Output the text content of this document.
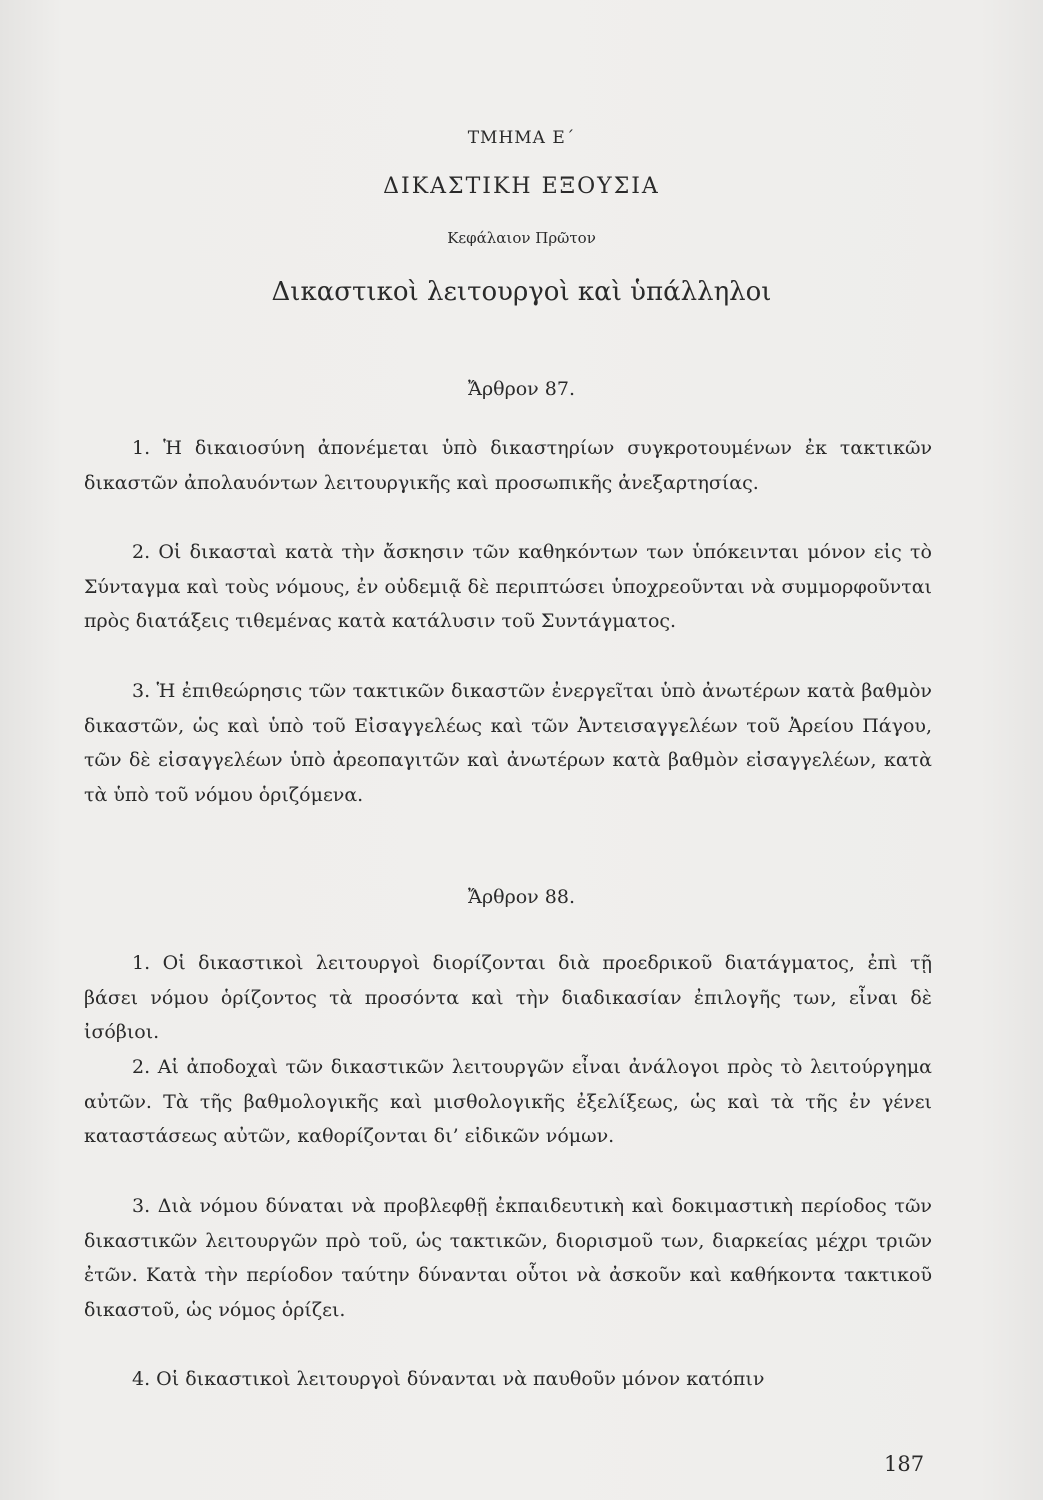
ΤΜΗΜΑ Ε΄
ΔΙΚΑΣΤΙΚΗ ΕΞΟΥΣΙΑ
Κεφάλαιον Πρῶτον
Δικαστικοὶ λειτουργοὶ καὶ ὑπάλληλοι
Ἄρθρον 87.

1. Ἡ δικαιοσύνη ἀπονέμεται ὑπὸ δικαστηρίων συγκροτουμένων ἐκ τακτικῶν δικαστῶν ἀπολαυόντων λειτουργικῆς καὶ προσωπικῆς ἀνεξαρτησίας.

2. Οἱ δικασταὶ κατὰ τὴν ἄσκησιν τῶν καθηκόντων των ὑπόκεινται μόνον εἰς τὸ Σύνταγμα καὶ τοὺς νόμους, ἐν οὐδεμιᾷ δὲ περιπτώσει ὑποχρεοῦνται νὰ συμμορφοῦνται πρὸς διατάξεις τιθεμένας κατὰ κατάλυσιν τοῦ Συντάγματος.

3. Ἡ ἐπιθεώρησις τῶν τακτικῶν δικαστῶν ἐνεργεῖται ὑπὸ ἀνωτέρων κατὰ βαθμὸν δικαστῶν, ὡς καὶ ὑπὸ τοῦ Εἰσαγγελέως καὶ τῶν Ἀντεισαγγελέων τοῦ Ἀρείου Πάγου, τῶν δὲ εἰσαγγελέων ὑπὸ ἀρεοπαγιτῶν καὶ ἀνωτέρων κατὰ βαθμὸν εἰσαγγελέων, κατὰ τὰ ὑπὸ τοῦ νόμου ὁριζόμενα.

Ἄρθρον 88.

1. Οἱ δικαστικοὶ λειτουργοὶ διορίζονται διὰ προεδρικοῦ διατάγματος, ἐπὶ τῇ βάσει νόμου ὁρίζοντος τὰ προσόντα καὶ τὴν διαδικασίαν ἐπιλογῆς των, εἶναι δὲ ἰσόβιοι.

2. Αἱ ἀποδοχαὶ τῶν δικαστικῶν λειτουργῶν εἶναι ἀνάλογοι πρὸς τὸ λειτούργημα αὐτῶν. Τὰ τῆς βαθμολογικῆς καὶ μισθολογικῆς ἐξελίξεως, ὡς καὶ τὰ τῆς ἐν γένει καταστάσεως αὐτῶν, καθορίζονται δι’ εἰδικῶν νόμων.

3. Διὰ νόμου δύναται νὰ προβλεφθῇ ἐκπαιδευτικὴ καὶ δοκιμαστικὴ περίοδος τῶν δικαστικῶν λειτουργῶν πρὸ τοῦ, ὡς τακτικῶν, διορισμοῦ των, διαρκείας μέχρι τριῶν ἐτῶν. Κατὰ τὴν περίοδον ταύτην δύνανται οὗτοι νὰ ἀσκοῦν καὶ καθήκοντα τακτικοῦ δικαστοῦ, ὡς νόμος ὁρίζει.

4. Οἱ δικαστικοὶ λειτουργοὶ δύνανται νὰ παυθοῦν μόνον κατόπιν

187
